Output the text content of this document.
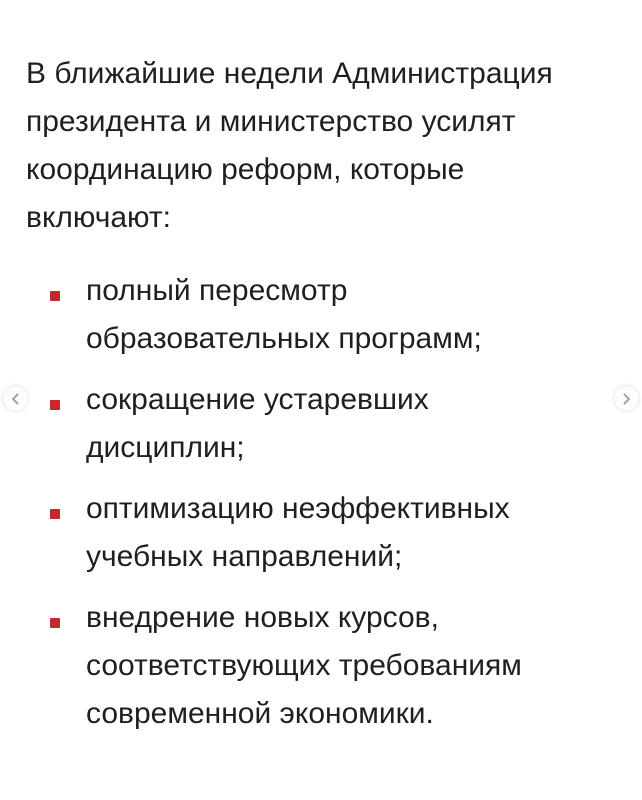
В ближайшие недели Администрация
президента и министерство усилят
координацию реформ, которые
включают:
полный пересмотр
образовательных программ;
сокращение устаревших
дисциплин;
оптимизацию неэффективных
учебных направлений;
внедрение новых курсов,
соответствующих требованиям
современной экономики.
